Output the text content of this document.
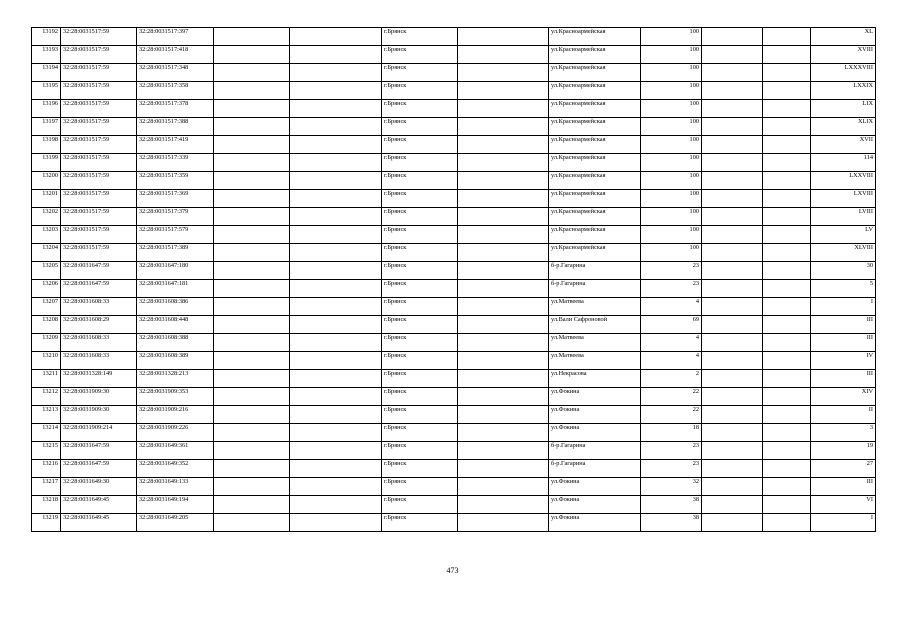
13192	32:28:0031517:59	32:28:0031517:397			г.Брянск		ул.Красноармейская	100			XL
13193	32:28:0031517:59	32:28:0031517:418			г.Брянск		ул.Красноармейская	100			XVIII
13194	32:28:0031517:59	32:28:0031517:348			г.Брянск		ул.Красноармейская	100			LXXXVIII
13195	32:28:0031517:59	32:28:0031517:358			г.Брянск		ул.Красноармейская	100			LXXIX
13196	32:28:0031517:59	32:28:0031517:378			г.Брянск		ул.Красноармейская	100			LIX
13197	32:28:0031517:59	32:28:0031517:388			г.Брянск		ул.Красноармейская	100			XLIX
13198	32:28:0031517:59	32:28:0031517:419			г.Брянск		ул.Красноармейская	100			XVII
13199	32:28:0031517:59	32:28:0031517:339			г.Брянск		ул.Красноармейская	100			114
13200	32:28:0031517:59	32:28:0031517:359			г.Брянск		ул.Красноармейская	100			LXXVIII
13201	32:28:0031517:59	32:28:0031517:369			г.Брянск		ул.Красноармейская	100			LXVIII
13202	32:28:0031517:59	32:28:0031517:379			г.Брянск		ул.Красноармейская	100			LVIII
13203	32:28:0031517:59	32:28:0031517:579			г.Брянск		ул.Красноармейская	100			LV
13204	32:28:0031517:59	32:28:0031517:389			г.Брянск		ул.Красноармейская	100			XLVIII
13205	32:28:0031647:59	32:28:0031647:180			г.Брянск		б-р.Гагарина	23			30
13206	32:28:0031647:59	32:28:0031647:181			г.Брянск		б-р.Гагарина	23			5
13207	32:28:0031608:33	32:28:0031608:386			г.Брянск		ул.Матвеева	4			I
13208	32:28:0031608:29	32:28:0031608:448			г.Брянск		ул.Вали Сафроновой	69			III
13209	32:28:0031608:33	32:28:0031608:388			г.Брянск		ул.Матвеева	4			III
13210	32:28:0031608:33	32:28:0031608:389			г.Брянск		ул.Матвеева	4			IV
13211	32:28:0031328:149	32:28:0031328:213			г.Брянск		ул.Некрасова	2			III
13212	32:28:0031909:30	32:28:0031909:353			г.Брянск		ул.Фокина	22			XIV
13213	32:28:0031909:30	32:28:0031909:216			г.Брянск		ул.Фокина	22			II
13214	32:28:0031909:214	32:28:0031909:226			г.Брянск		ул.Фокина	18			3
13215	32:28:0031647:59	32:28:0031649:361			г.Брянск		б-р.Гагарина	23			19
13216	32:28:0031647:59	32:28:0031649:352			г.Брянск		б-р.Гагарина	23			27
13217	32:28:0031649:30	32:28:0031649:133			г.Брянск		ул.Фокина	32			III
13218	32:28:0031649:45	32:28:0031649:194			г.Брянск		ул.Фокина	38			VI
13219	32:28:0031649:45	32:28:0031649:205			г.Брянск		ул.Фокина	38			I
473
